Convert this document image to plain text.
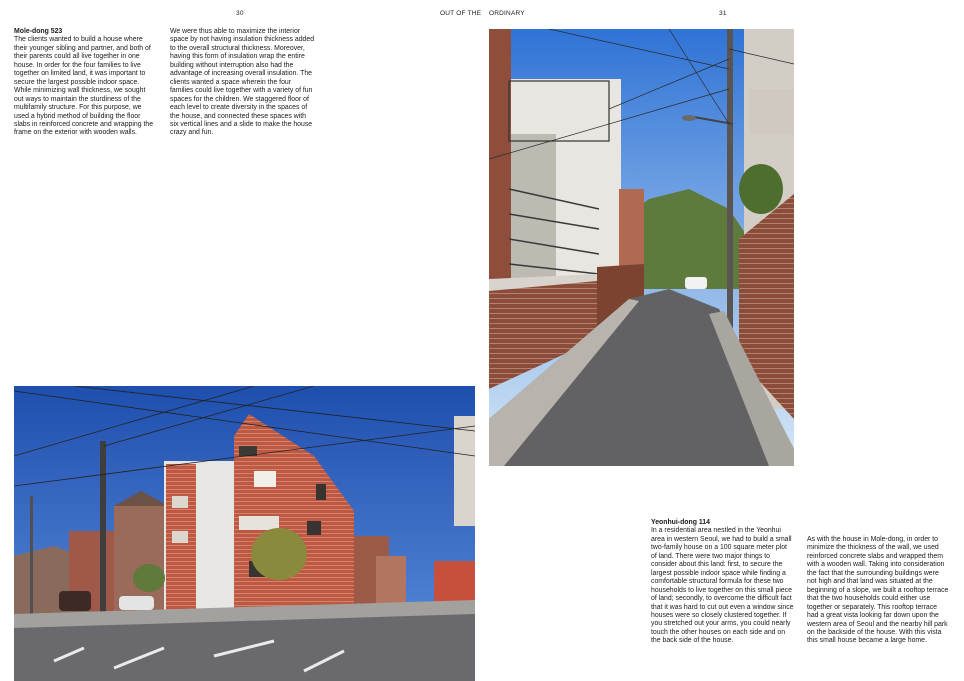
30	OUT OF THE ORDINARY	31
Mole-dong 523

The clients wanted to build a house where their younger sibling and partner, and both of their parents could all live together in one house. In order for the four families to live together on limited land, it was important to secure the largest possible indoor space. While minimizing wall thickness, we sought out ways to maintain the sturdiness of the multifamily structure. For this purpose, we used a hybrid method of building the floor slabs in reinforced concrete and wrapping the frame on the exterior with wooden walls.

We were thus able to maximize the interior space by not having insulation thickness added to the overall structural thickness. Moreover, having this form of insulation wrap the entire building without interruption also had the advantage of increasing overall insulation. The clients wanted a space wherein the four families could live together with a variety of fun spaces for the children. We staggered floor of each level to create diversity in the spaces of the house, and connected these spaces with six vertical lines and a slide to make the house crazy and fun.

Yeonhui-dong 114

In a residential area nestled in the Yeonhui area in western Seoul, we had to build a small two-family house on a 100 square meter plot of land. There were two major things to consider about this land: first, to secure the largest possible indoor space while finding a comfortable structural formula for these two households to live together on this small piece of land; secondly, to overcome the difficult fact that it was hard to cut out even a window since houses were so closely clustered together. If you stretched out your arms, you could nearly touch the other houses on each side and on the back side of the house.

As with the house in Mole-dong, in order to minimize the thickness of the wall, we used reinforced concrete slabs and wrapped them with a wooden wall. Taking into consideration the fact that the surrounding buildings were not high and that land was situated at the beginning of a slope, we built a rooftop terrace that the two households could either use together or separately. This rooftop terrace had a great vista looking far down upon the western area of Seoul and the nearby hill park on the backside of the house. With this vista this small house became a large home.
